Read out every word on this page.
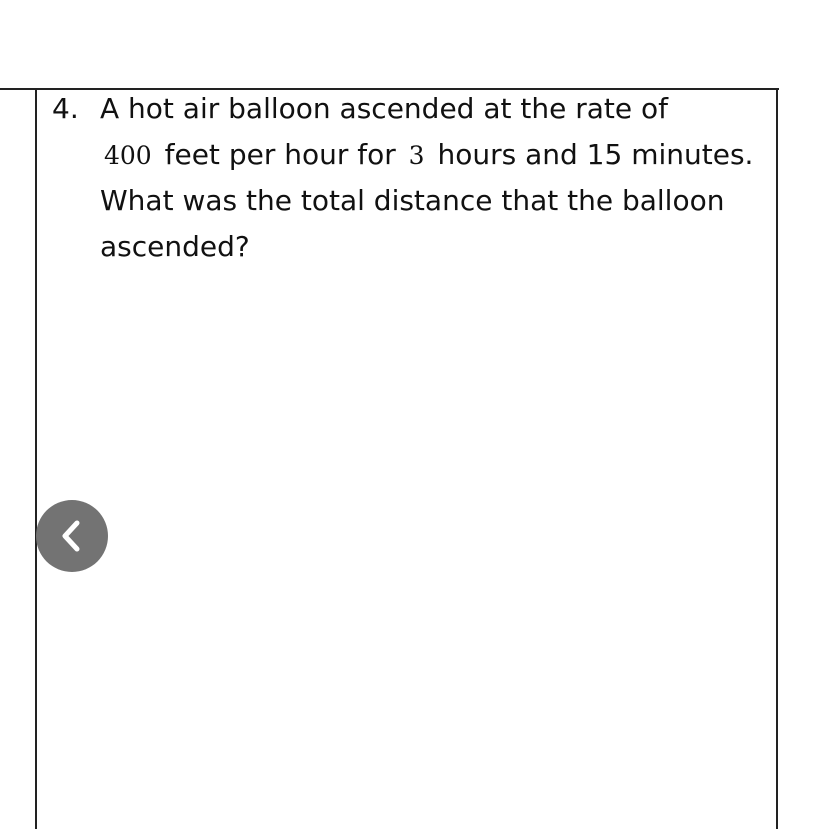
4. A hot air balloon ascended at the rate of
400 feet per hour for 3 hours and 15 minutes. What was the total distance that the balloon ascended?
